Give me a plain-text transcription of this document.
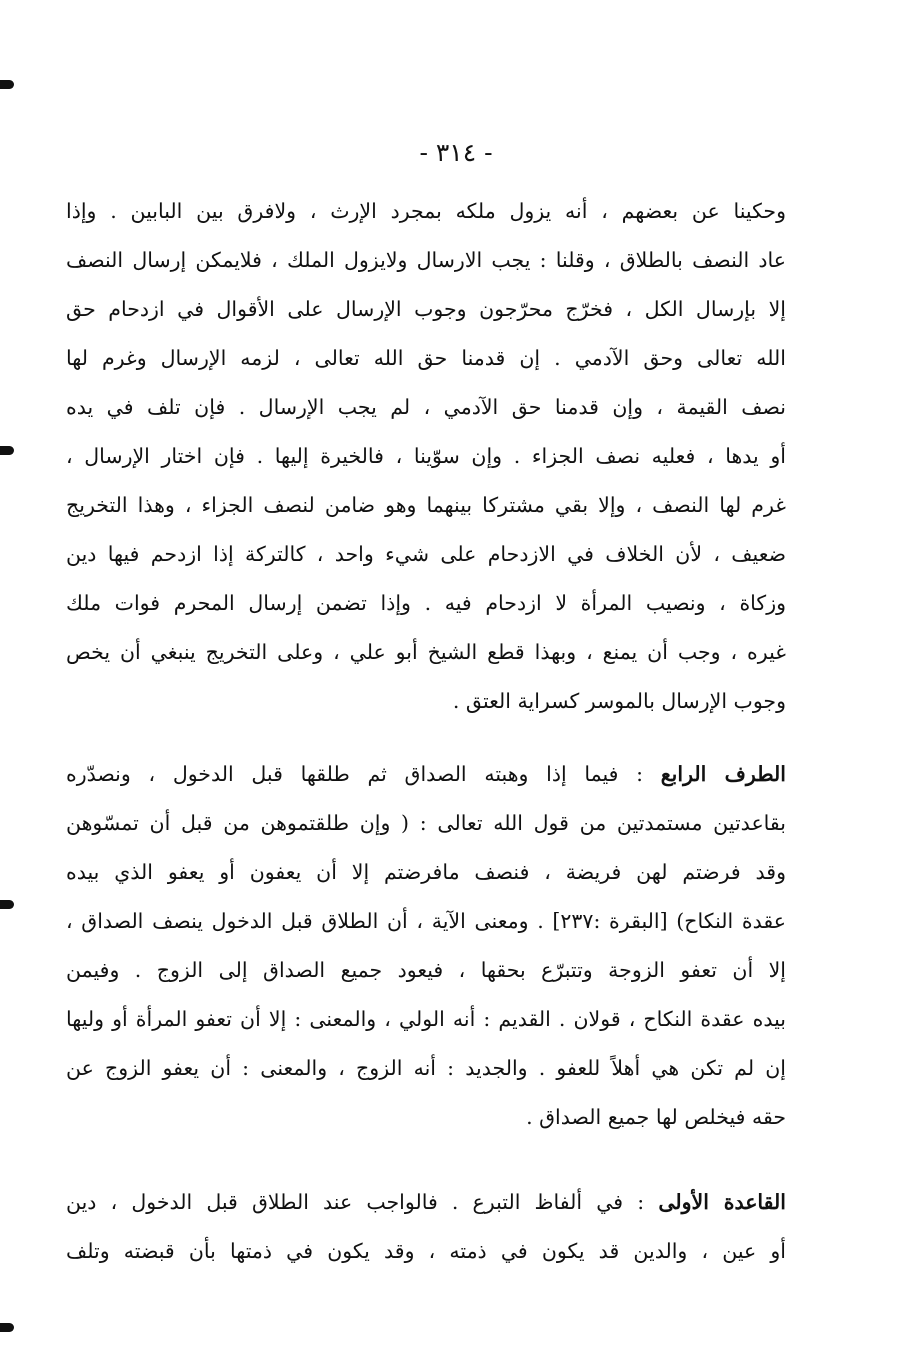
- ٣١٤ -
وحكينا عن بعضهم ، أنه يزول ملكه بمجرد الإرث ، ولافرق بين البابين . وإذا
عاد النصف بالطلاق ، وقلنا : يجب الارسال ولايزول الملك ، فلايمكن إرسال النصف
إلا بإرسال الكل ، فخرّج محرّجون وجوب الإرسال على الأقوال في ازدحام حق
الله تعالى وحق الآدمي . إن قدمنا حق الله تعالى ، لزمه الإرسال وغرم لها
نصف القيمة ، وإن قدمنا حق الآدمي ، لم يجب الإرسال . فإن تلف في يده
أو يدها ، فعليه نصف الجزاء . وإن سوّينا ، فالخيرة إليها . فإن اختار الإرسال ،
غرم لها النصف ، وإلا بقي مشتركا بينهما وهو ضامن لنصف الجزاء ، وهذا التخريج
ضعيف ، لأن الخلاف في الازدحام على شيء واحد ، كالتركة إذا ازدحم فيها دين
وزكاة ، ونصيب المرأة لا ازدحام فيه . وإذا تضمن إرسال المحرم فوات ملك
غيره ، وجب أن يمنع ، وبهذا قطع الشيخ أبو علي ، وعلى التخريج ينبغي أن يخص
وجوب الإرسال بالموسر كسراية العتق .
الطرف الرابع : فيما إذا وهبته الصداق ثم طلقها قبل الدخول ، ونصدّره
بقاعدتين مستمدتين من قول الله تعالى : ( وإن طلقتموهن من قبل أن تمسّوهن
وقد فرضتم لهن فريضة ، فنصف مافرضتم إلا أن يعفون أو يعفو الذي بيده
عقدة النكاح) [البقرة :٢٣٧] . ومعنى الآية ، أن الطلاق قبل الدخول ينصف الصداق ،
إلا أن تعفو الزوجة وتتبرّع بحقها ، فيعود جميع الصداق إلى الزوج . وفيمن
بيده عقدة النكاح ، قولان . القديم : أنه الولي ، والمعنى : إلا أن تعفو المرأة أو وليها
إن لم تكن هي أهلاً للعفو . والجديد : أنه الزوج ، والمعنى : أن يعفو الزوج عن
حقه فيخلص لها جميع الصداق .
القاعدة الأولى : في ألفاظ التبرع . فالواجب عند الطلاق قبل الدخول ، دين
أو عين ، والدين قد يكون في ذمته ، وقد يكون في ذمتها بأن قبضته وتلف
